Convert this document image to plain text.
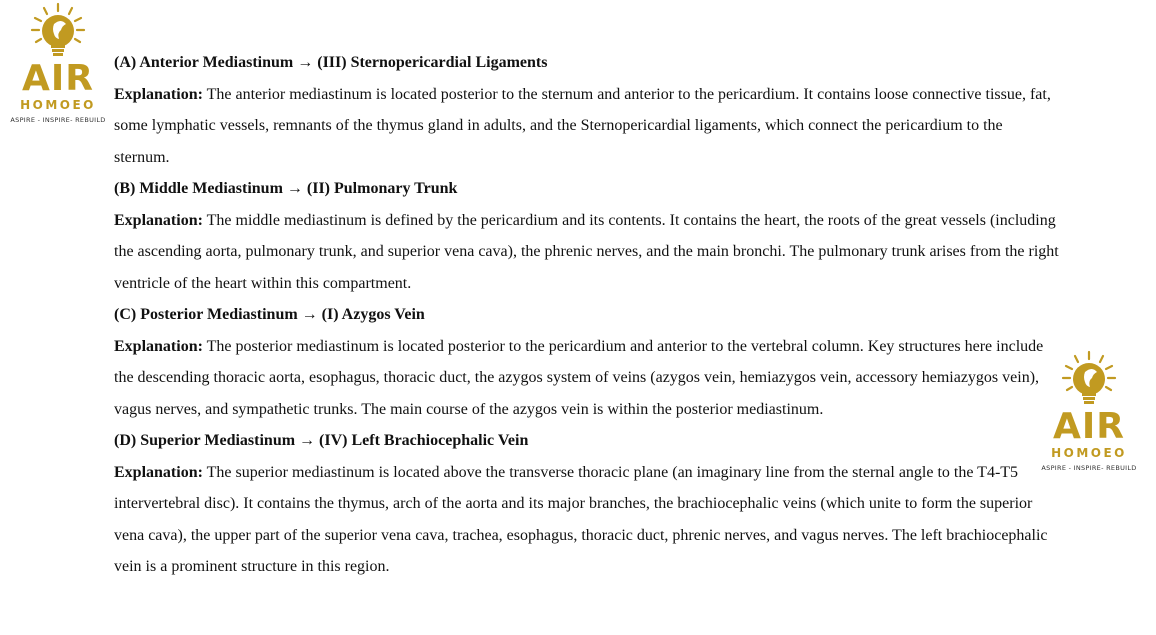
AIR
HOMOEO
ASPIRE - INSPIRE- REBUILD
AIR
HOMOEO
ASPIRE - INSPIRE- REBUILD

(A) Anterior Mediastinum → (III) Sternopericardial Ligaments

Explanation: The anterior mediastinum is located posterior to the sternum and anterior to the pericardium. It contains loose connective tissue, fat, some lymphatic vessels, remnants of the thymus gland in adults, and the Sternopericardial ligaments, which connect the pericardium to the sternum.

(B) Middle Mediastinum → (II) Pulmonary Trunk

Explanation: The middle mediastinum is defined by the pericardium and its contents. It contains the heart, the roots of the great vessels (including the ascending aorta, pulmonary trunk, and superior vena cava), the phrenic nerves, and the main bronchi. The pulmonary trunk arises from the right ventricle of the heart within this compartment.

(C) Posterior Mediastinum → (I) Azygos Vein

Explanation: The posterior mediastinum is located posterior to the pericardium and anterior to the vertebral column. Key structures here include the descending thoracic aorta, esophagus, thoracic duct, the azygos system of veins (azygos vein, hemiazygos vein, accessory hemiazygos vein), vagus nerves, and sympathetic trunks. The main course of the azygos vein is within the posterior mediastinum.

(D) Superior Mediastinum → (IV) Left Brachiocephalic Vein

Explanation: The superior mediastinum is located above the transverse thoracic plane (an imaginary line from the sternal angle to the T4-T5 intervertebral disc). It contains the thymus, arch of the aorta and its major branches, the brachiocephalic veins (which unite to form the superior vena cava), the upper part of the superior vena cava, trachea, esophagus, thoracic duct, phrenic nerves, and vagus nerves. The left brachiocephalic vein is a prominent structure in this region.
